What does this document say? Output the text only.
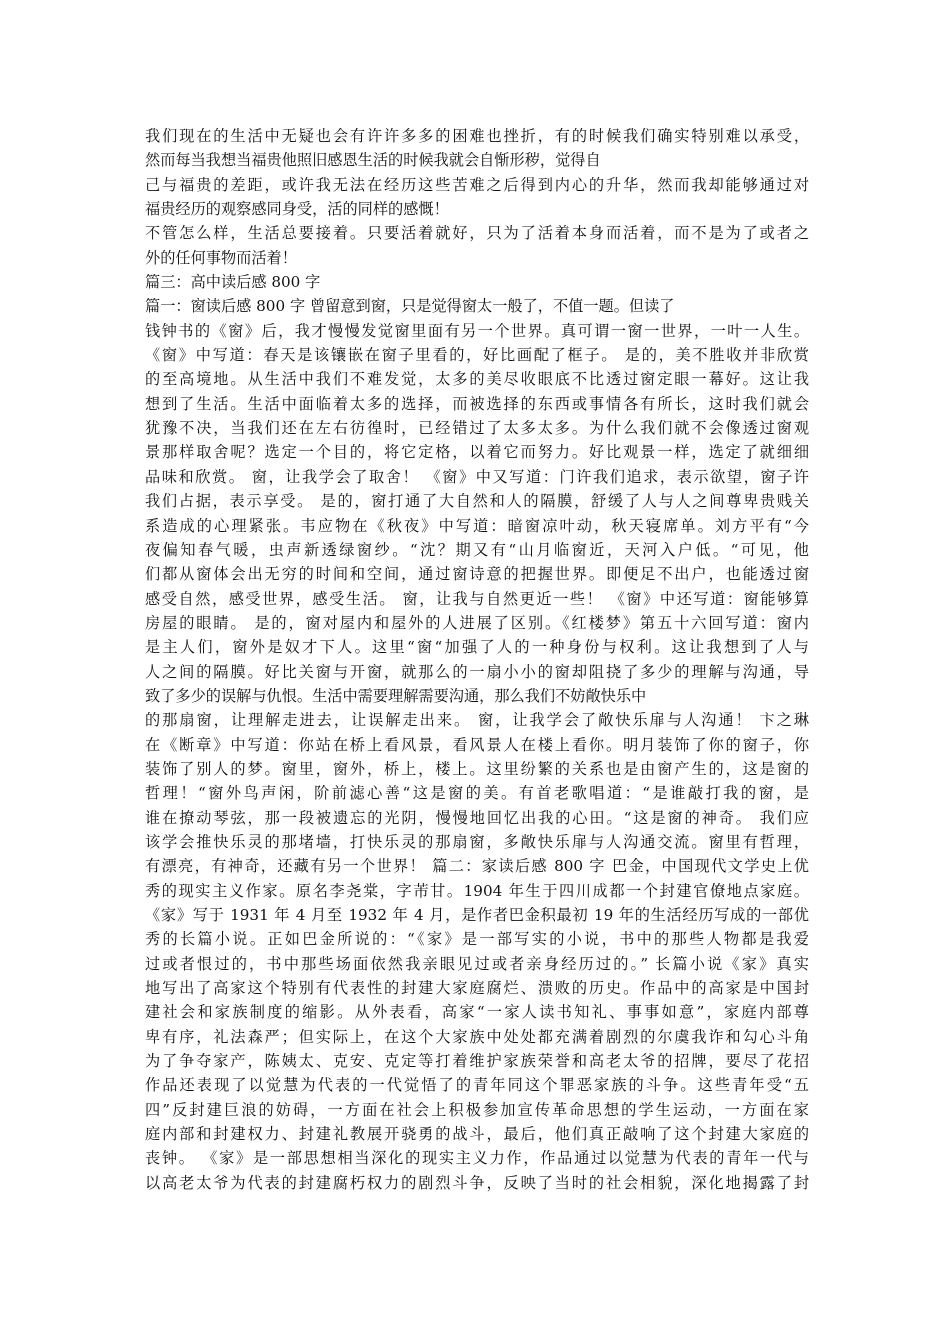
我们现在的生活中无疑也会有许许多多的困难也挫折，有的时候我们确实特别难以承受，
然而每当我想当福贵他照旧感恩生活的时候我就会自惭形秽，觉得自
己与福贵的差距，或许我无法在经历这些苦难之后得到内心的升华，然而我却能够通过对
福贵经历的观察感同身受，活的同样的感慨！
不管怎么样，生活总要接着。只要活着就好，只为了活着本身而活着，而不是为了或者之
外的任何事物而活着！
篇三：高中读后感 800 字
篇一：窗读后感 800 字 曾留意到窗，只是觉得窗太一般了，不值一题。但读了
钱钟书的《窗》后，我才慢慢发觉窗里面有另一个世界。真可谓一窗一世界，一叶一人生。
《窗》中写道：春天是该镶嵌在窗子里看的，好比画配了框子。 是的，美不胜收并非欣赏
的至高境地。从生活中我们不难发觉，太多的美尽收眼底不比透过窗定眼一幕好。这让我
想到了生活。生活中面临着太多的选择，而被选择的东西或事情各有所长，这时我们就会
犹豫不决，当我们还在左右彷徨时，已经错过了太多太多。为什么我们就不会像透过窗观
景那样取舍呢？选定一个目的，将它定格，以着它而努力。好比观景一样，选定了就细细
品味和欣赏。 窗，让我学会了取舍！ 《窗》中又写道：门许我们追求，表示欲望，窗子许
我们占据，表示享受。 是的，窗打通了大自然和人的隔膜，舒缓了人与人之间尊卑贵贱关
系造成的心理紧张。韦应物在《秋夜》中写道：暗窗凉叶动，秋天寝席单。刘方平有“今
夜偏知春气暖，虫声新透绿窗纱。“沈？期又有“山月临窗近，天河入户低。“可见，他
们都从窗体会出无穷的时间和空间，通过窗诗意的把握世界。即便足不出户，也能透过窗
感受自然，感受世界，感受生活。 窗，让我与自然更近一些！ 《窗》中还写道：窗能够算
房屋的眼睛。 是的，窗对屋内和屋外的人进展了区别。《红楼梦》第五十六回写道：窗内
是主人们，窗外是奴才下人。这里“窗“加强了人的一种身份与权利。这让我想到了人与
人之间的隔膜。好比关窗与开窗，就那么的一扇小小的窗却阻挠了多少的理解与沟通，导
致了多少的误解与仇恨。生活中需要理解需要沟通，那么我们不妨敞快乐中
的那扇窗，让理解走进去，让误解走出来。 窗，让我学会了敞快乐扉与人沟通！ 卞之琳
在《断章》中写道：你站在桥上看风景，看风景人在楼上看你。明月装饰了你的窗子，你
装饰了别人的梦。窗里，窗外，桥上，楼上。这里纷繁的关系也是由窗产生的，这是窗的
哲理！“窗外鸟声闲，阶前滤心善“这是窗的美。有首老歌唱道：“是谁敲打我的窗，是
谁在撩动琴弦，那一段被遗忘的光阴，慢慢地回忆出我的心田。“这是窗的神奇。 我们应
该学会推快乐灵的那堵墙，打快乐灵的那扇窗，多敞快乐扉与人沟通交流。窗里有哲理，
有漂亮，有神奇，还藏有另一个世界！ 篇二：家读后感 800 字 巴金，中国现代文学史上优
秀的现实主义作家。原名李尧棠，字芾甘。1904 年生于四川成都一个封建官僚地点家庭。
《家》写于 1931 年 4 月至 1932 年 4 月，是作者巴金积最初 19 年的生活经历写成的一部优
秀的长篇小说。正如巴金所说的：“《家》是一部写实的小说，书中的那些人物都是我爱
过或者恨过的，书中那些场面依然我亲眼见过或者亲身经历过的。” 长篇小说《家》真实
地写出了高家这个特别有代表性的封建大家庭腐烂、溃败的历史。作品中的高家是中国封
建社会和家族制度的缩影。从外表看，高家“一家人读书知礼、事事如意”，家庭内部尊
卑有序，礼法森严；但实际上，在这个大家族中处处都充满着剧烈的尔虞我诈和勾心斗角
为了争夺家产，陈姨太、克安、克定等打着维护家族荣誉和高老太爷的招牌，要尽了花招
作品还表现了以觉慧为代表的一代觉悟了的青年同这个罪恶家族的斗争。这些青年受“五
四”反封建巨浪的妨碍，一方面在社会上积极参加宣传革命思想的学生运动，一方面在家
庭内部和封建权力、封建礼教展开骁勇的战斗，最后，他们真正敲响了这个封建大家庭的
丧钟。 《家》是一部思想相当深化的现实主义力作，作品通过以觉慧为代表的青年一代与
以高老太爷为代表的封建腐朽权力的剧烈斗争，反映了当时的社会相貌，深化地揭露了封
